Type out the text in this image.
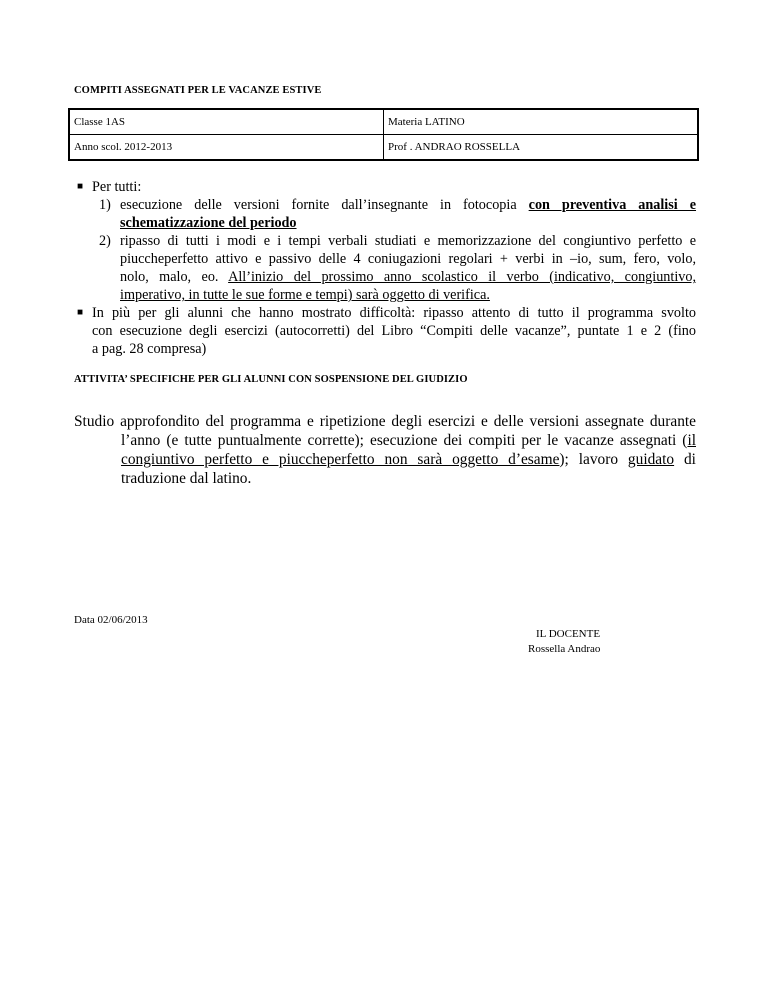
COMPITI ASSEGNATI PER LE VACANZE ESTIVE
Classe 1AS	Materia LATINO
Anno scol. 2012-2013	Prof . ANDRAO ROSSELLA
■ Per tutti:
1) esecuzione delle versioni fornite dall’insegnante in fotocopia con preventiva analisi e
schematizzazione del periodo
2) ripasso di tutti i modi e i tempi verbali studiati e memorizzazione del congiuntivo perfetto e
piuccheperfetto attivo e passivo delle 4 coniugazioni regolari + verbi in –io, sum, fero, volo,
nolo, malo, eo. All’inizio del prossimo anno scolastico il verbo (indicativo, congiuntivo,
imperativo, in tutte le sue forme e tempi) sarà oggetto di verifica.
■ In più per gli alunni che hanno mostrato difficoltà: ripasso attento di tutto il programma svolto
con esecuzione degli esercizi (autocorretti) del Libro “Compiti delle vacanze”, puntate 1 e 2 (fino
a pag. 28 compresa)
ATTIVITA’ SPECIFICHE PER GLI ALUNNI CON SOSPENSIONE DEL GIUDIZIO
Studio approfondito del programma e ripetizione degli esercizi e delle versioni assegnate durante
l’anno (e tutte puntualmente corrette); esecuzione dei compiti per le vacanze assegnati (il
congiuntivo perfetto e piuccheperfetto non sarà oggetto d’esame); lavoro guidato di
traduzione dal latino.
Data 02/06/2013
IL DOCENTE
Rossella Andrao
